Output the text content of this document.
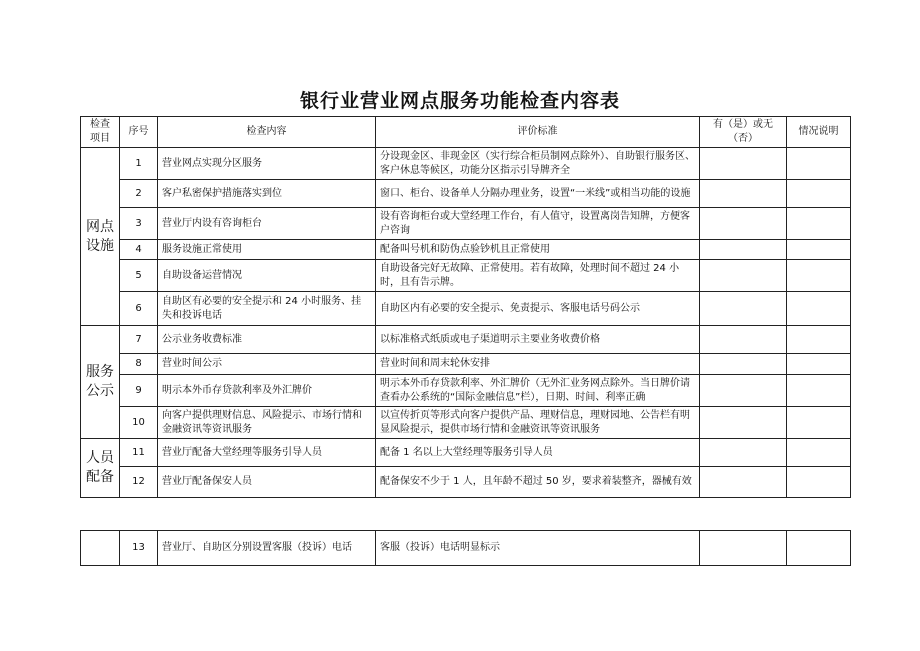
银行业营业网点服务功能检查内容表
检查
项目	序号	检查内容	评价标准	有（是）或无（否）	情况说明
网点
设施	1	营业网点实现分区服务	分设现金区、非现金区（实行综合柜员制网点除外）、自助银行服务区、客户休息等候区，功能分区指示引导牌齐全		
	2	客户私密保护措施落实到位	窗口、柜台、设备单人分隔办理业务，设置“一米线”或相当功能的设施		
	3	营业厅内设有咨询柜台	设有咨询柜台或大堂经理工作台，有人值守，设置离岗告知牌，方便客户咨询		
	4	服务设施正常使用	配备叫号机和防伪点验钞机且正常使用		
	5	自助设备运营情况	自助设备完好无故障、正常使用。若有故障，处理时间不超过 24 小时，且有告示牌。		
	6	自助区有必要的安全提示和 24 小时服务、挂失和投诉电话	自助区内有必要的安全提示、免责提示、客服电话号码公示		
服务
公示	7	公示业务收费标准	以标准格式纸质或电子渠道明示主要业务收费价格		
	8	营业时间公示	营业时间和周末轮休安排		
	9	明示本外币存贷款利率及外汇牌价	明示本外币存贷款利率、外汇牌价（无外汇业务网点除外。当日牌价请查看办公系统的“国际金融信息”栏），日期、时间、利率正确		
	10	向客户提供理财信息、风险提示、市场行情和金融资讯等资讯服务	以宣传折页等形式向客户提供产品、理财信息，理财园地、公告栏有明显风险提示，提供市场行情和金融资讯等资讯服务		
人员
配备	11	营业厅配备大堂经理等服务引导人员	配备 1 名以上大堂经理等服务引导人员		
	12	营业厅配备保安人员	配备保安不少于 1 人，且年龄不超过 50 岁，要求着装整齐，器械有效		
	13	营业厅、自助区分别设置客服（投诉）电话	客服（投诉）电话明显标示		
